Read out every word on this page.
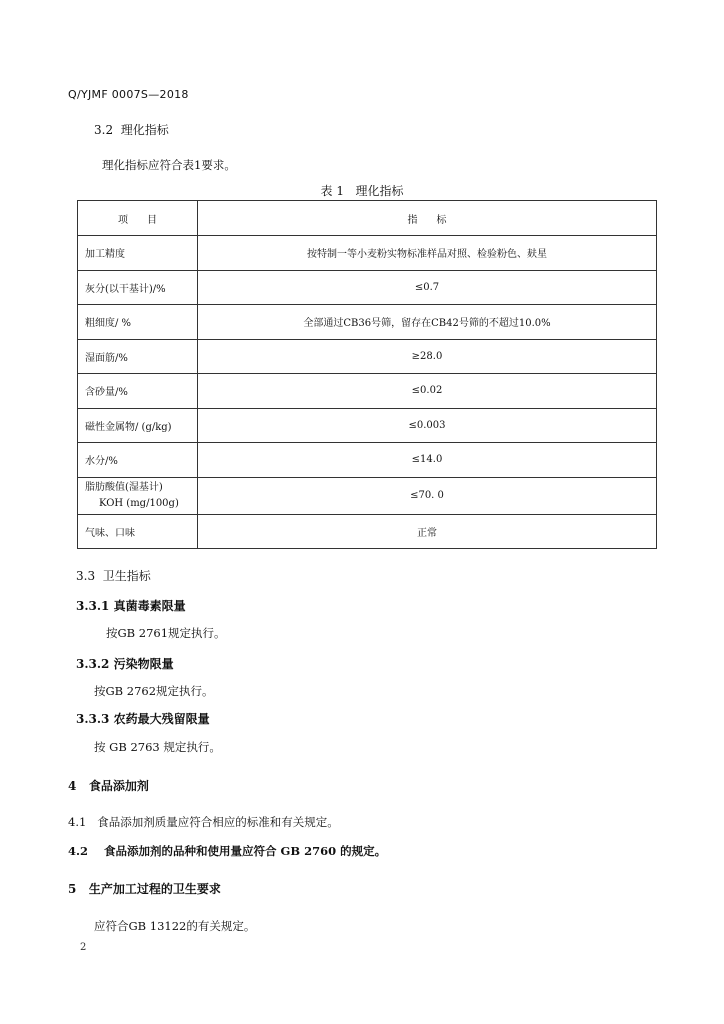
Q/YJMF 0007S—2018
3.2  理化指标
理化指标应符合表1要求。
表 1   理化指标
项      目	指      标
加工精度	按特制一等小麦粉实物标准样品对照、检验粉色、麸星
灰分(以干基计)/%	≤0.7
粗细度/ %	全部通过CB36号筛，留存在CB42号筛的不超过10.0%
湿面筋/%	≥28.0
含砂量/%	≤0.02
磁性金属物/ (g/kg)	≤0.003
水分/%	≤14.0

脂肪酸值(湿基计)
KOH (mg/100g)	≤70. 0
气味、口味	正常
3.3  卫生指标
3.3.1 真菌毒素限量
按GB 2761规定执行。
3.3.2 污染物限量
按GB 2762规定执行。
3.3.3 农药最大残留限量
按 GB 2763 规定执行。
4   食品添加剂
4.1   食品添加剂质量应符合相应的标准和有关规定。
4.2    食品添加剂的品种和使用量应符合 GB 2760 的规定。
5   生产加工过程的卫生要求
应符合GB 13122的有关规定。
2
